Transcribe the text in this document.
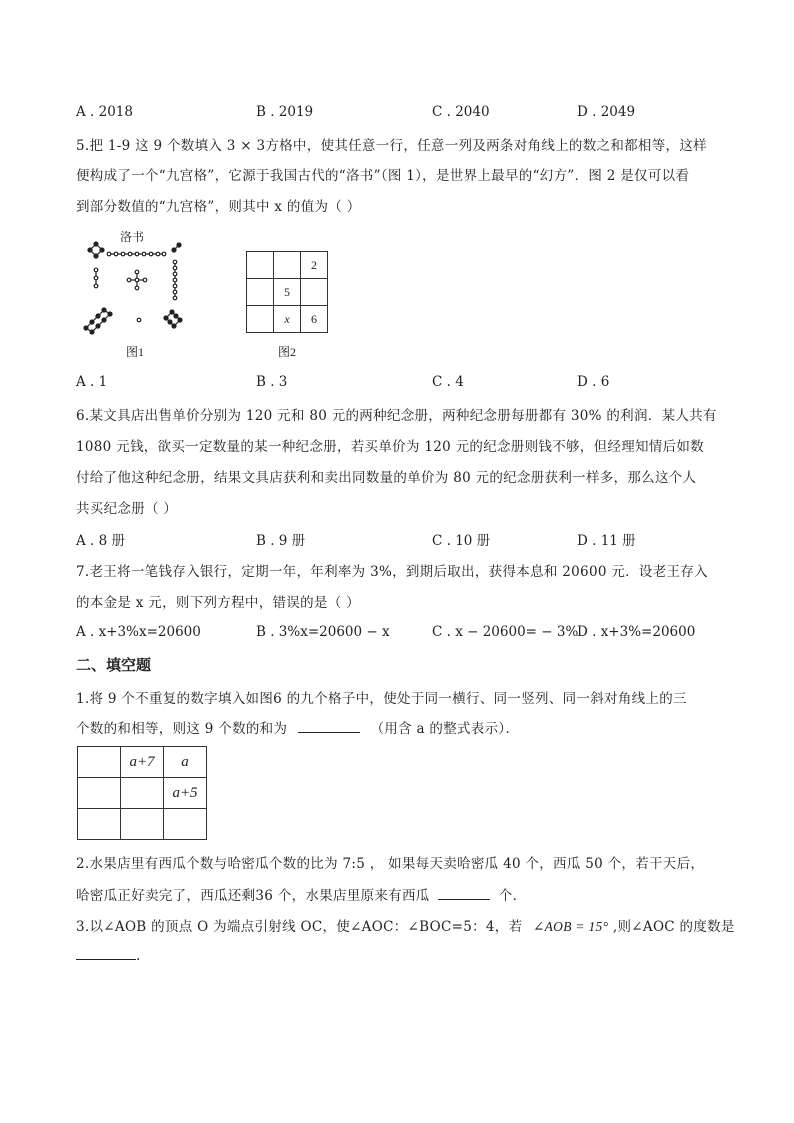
A . 2018	B . 2019	C . 2040	D . 2049
5.把 1-9 这 9 个数填入 3 × 3方格中，使其任意一行，任意一列及两条对角线上的数之和都相等，这样
便构成了一个“九宫格”，它源于我国古代的“洛书”（图 1），是世界上最早的“幻方”．图 2 是仅可以看
到部分数值的“九宫格”，则其中 x 的值为（ ）
洛书
图1
		2
	5	
	x	6
图2
A . 1	B . 3	C . 4	D . 6
6.某文具店出售单价分别为 120 元和 80 元的两种纪念册，两种纪念册每册都有 30% 的利润．某人共有
1080 元钱，欲买一定数量的某一种纪念册，若买单价为 120 元的纪念册则钱不够，但经理知情后如数
付给了他这种纪念册，结果文具店获利和卖出同数量的单价为 80 元的纪念册获利一样多，那么这个人
共买纪念册（ ）
A . 8 册	B . 9 册	C . 10 册	D . 11 册
7.老王将一笔钱存入银行，定期一年，年利率为 3%，到期后取出，获得本息和 20600 元．设老王存入
的本金是 x 元，则下列方程中，错误的是（ ）
A . x+3%x=20600	B . 3%x=20600 − x	C . x − 20600= − 3%
D . x+3%=20600
二、填空题
1.将 9 个不重复的数字填入如图6 的九个格子中，使处于同一横行、同一竖列、同一斜对角线上的三
个数的和相等，则这 9 个数的和为	（用含 a 的整式表示）．
	a+7	a
		a+5

2.水果店里有西瓜个数与哈密瓜个数的比为 7:5 ， 如果每天卖哈密瓜 40 个，西瓜 50 个，若干天后，
哈密瓜正好卖完了，西瓜还剩36 个，水果店里原来有西瓜	个．
3.以∠AOB 的顶点 O 为端点引射线 OC，使∠AOC：∠BOC=5：4，若 ∠AOB = 15° ,则∠AOC 的度数是
.
